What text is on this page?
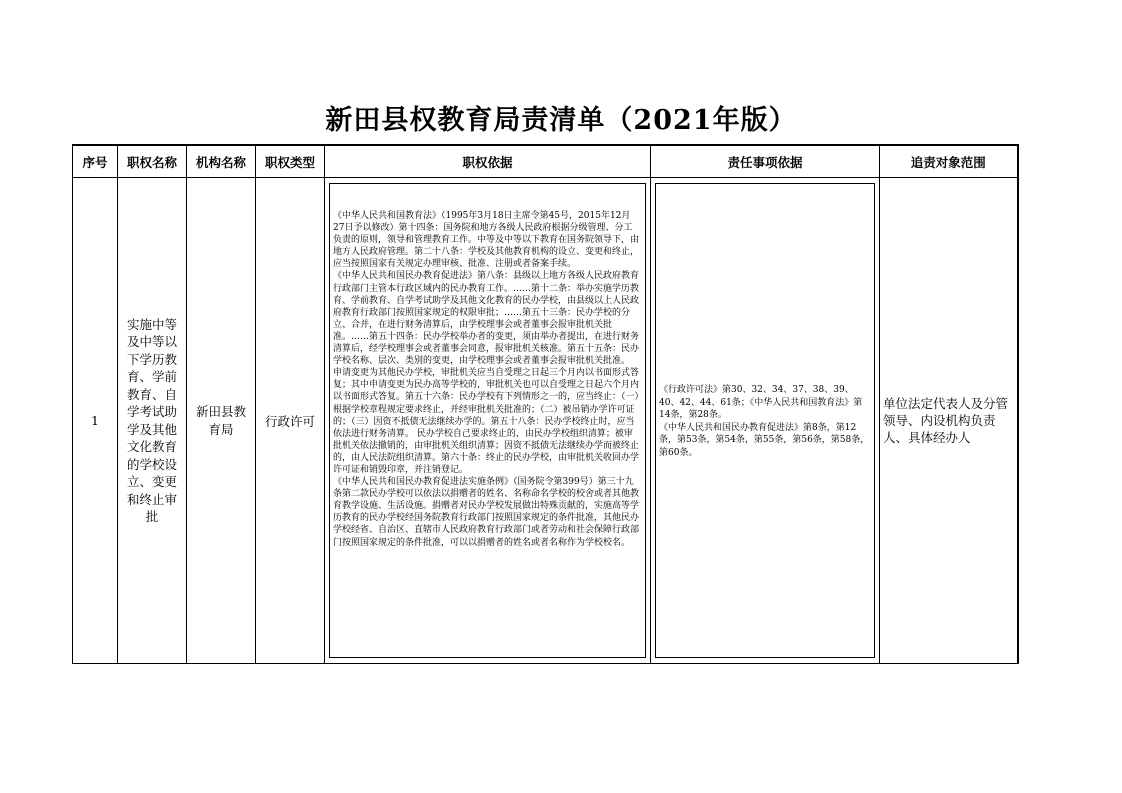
新田县权教育局责清单（2021年版）
序号	职权名称	机构名称	职权类型	职权依据	责任事项依据	追责对象范围
1	实施中等及中等以下学历教育、学前教育、自学考试助学及其他文化教育的学校设立、变更和终止审批	新田县教育局	行政许可	《中华人民共和国教育法》（1995年3月18日主席令第45号，2015年12月27日予以修改）第十四条：国务院和地方各级人民政府根据分级管理、分工负责的原则，领导和管理教育工作。中等及中等以下教育在国务院领导下，由地方人民政府管理。第二十八条：学校及其他教育机构的设立、变更和终止，应当按照国家有关规定办理审核、批准、注册或者备案手续。
《中华人民共和国民办教育促进法》第八条：县级以上地方各级人民政府教育行政部门主管本行政区域内的民办教育工作。……第十二条：举办实施学历教育、学前教育、自学考试助学及其他文化教育的民办学校，由县级以上人民政府教育行政部门按照国家规定的权限审批；……第五十三条：民办学校的分立、合并，在进行财务清算后，由学校理事会或者董事会报审批机关批准。……第五十四条：民办学校举办者的变更，须由举办者提出，在进行财务清算后，经学校理事会或者董事会同意，报审批机关核准。第五十五条：民办学校名称、层次、类别的变更，由学校理事会或者董事会报审批机关批准。 申请变更为其他民办学校，审批机关应当自受理之日起三个月内以书面形式答复；其中申请变更为民办高等学校的，审批机关也可以自受理之日起六个月内以书面形式答复。第五十六条：民办学校有下列情形之一的，应当终止：（一）根据学校章程规定要求终止，并经审批机关批准的；（二）被吊销办学许可证的；（三）因资不抵债无法继续办学的。第五十八条：民办学校终止时，应当依法进行财务清算。 民办学校自己要求终止的，由民办学校组织清算；被审批机关依法撤销的，由审批机关组织清算；因资不抵债无法继续办学而被终止的，由人民法院组织清算。第六十条：终止的民办学校，由审批机关收回办学许可证和销毁印章，并注销登记。
《中华人民共和国民办教育促进法实施条例》（国务院令第399号）第三十九条第二款民办学校可以依法以捐赠者的姓名、名称命名学校的校舍或者其他教育教学设施、生活设施。捐赠者对民办学校发展做出特殊贡献的，实施高等学历教育的民办学校经国务院教育行政部门按照国家规定的条件批准，其他民办学校经省、自治区、直辖市人民政府教育行政部门或者劳动和社会保障行政部门按照国家规定的条件批准，可以以捐赠者的姓名或者名称作为学校校名。	《行政许可法》第30、32、34、37、38、39、40、42、44、61条；《中华人民共和国教育法》第14条，第28条。
《中华人民共和国民办教育促进法》第8条，第12条，第53条，第54条，第55条，第56条，第58条，第60条。	单位法定代表人及分管领导、内设机构负责人、具体经办人
